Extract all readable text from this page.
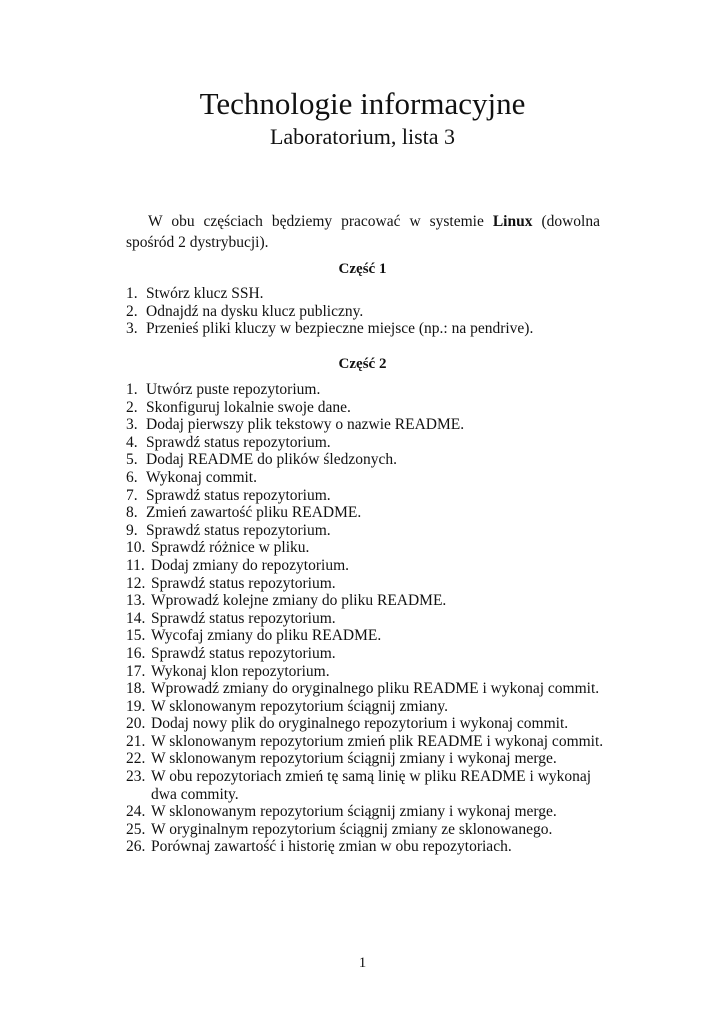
Technologie informacyjne
Laboratorium, lista 3

W obu częściach będziemy pracować w systemie Linux (dowolna spośród 2 dystrybucji).

Część 1
1. Stwórz klucz SSH.
2. Odnajdź na dysku klucz publiczny.
3. Przenieś pliki kluczy w bezpieczne miejsce (np.: na pendrive).
Część 2
1. Utwórz puste repozytorium.
2. Skonfiguruj lokalnie swoje dane.
3. Dodaj pierwszy plik tekstowy o nazwie README.
4. Sprawdź status repozytorium.
5. Dodaj README do plików śledzonych.
6. Wykonaj commit.
7. Sprawdź status repozytorium.
8. Zmień zawartość pliku README.
9. Sprawdź status repozytorium.
10. Sprawdź różnice w pliku.
11. Dodaj zmiany do repozytorium.
12. Sprawdź status repozytorium.
13. Wprowadź kolejne zmiany do pliku README.
14. Sprawdź status repozytorium.
15. Wycofaj zmiany do pliku README.
16. Sprawdź status repozytorium.
17. Wykonaj klon repozytorium.
18. Wprowadź zmiany do oryginalnego pliku README i wykonaj commit.
19. W sklonowanym repozytorium ściągnij zmiany.
20. Dodaj nowy plik do oryginalnego repozytorium i wykonaj commit.
21. W sklonowanym repozytorium zmień plik README i wykonaj commit.
22. W sklonowanym repozytorium ściągnij zmiany i wykonaj merge.
23. W obu repozytoriach zmień tę samą linię w pliku README i wykonaj dwa commity.
24. W sklonowanym repozytorium ściągnij zmiany i wykonaj merge.
25. W oryginalnym repozytorium ściągnij zmiany ze sklonowanego.
26. Porównaj zawartość i historię zmian w obu repozytoriach.
1
